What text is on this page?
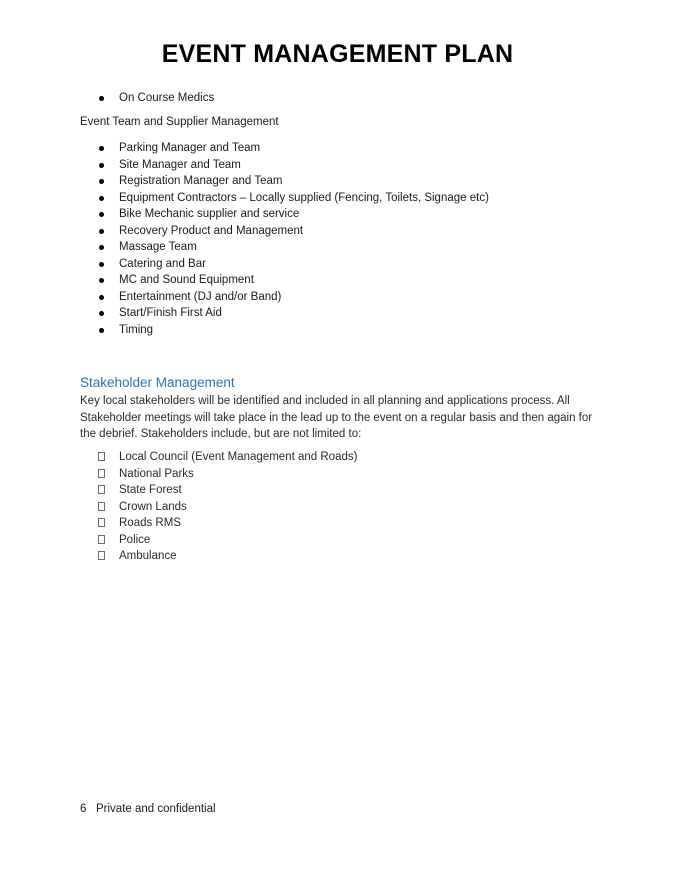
EVENT MANAGEMENT PLAN
On Course Medics
Event Team and Supplier Management
Parking Manager and Team
Site Manager and Team
Registration Manager and Team
Equipment Contractors – Locally supplied (Fencing, Toilets, Signage etc)
Bike Mechanic supplier and service
Recovery Product and Management
Massage Team
Catering and Bar
MC and Sound Equipment
Entertainment (DJ and/or Band)
Start/Finish First Aid
Timing
Stakeholder Management
Key local stakeholders will be identified and included in all planning and applications process. All Stakeholder meetings will take place in the lead up to the event on a regular basis and then again for the debrief. Stakeholders include, but are not limited to:
Local Council (Event Management and Roads)
National Parks
State Forest
Crown Lands
Roads RMS
Police
Ambulance
6 Private and confidential
